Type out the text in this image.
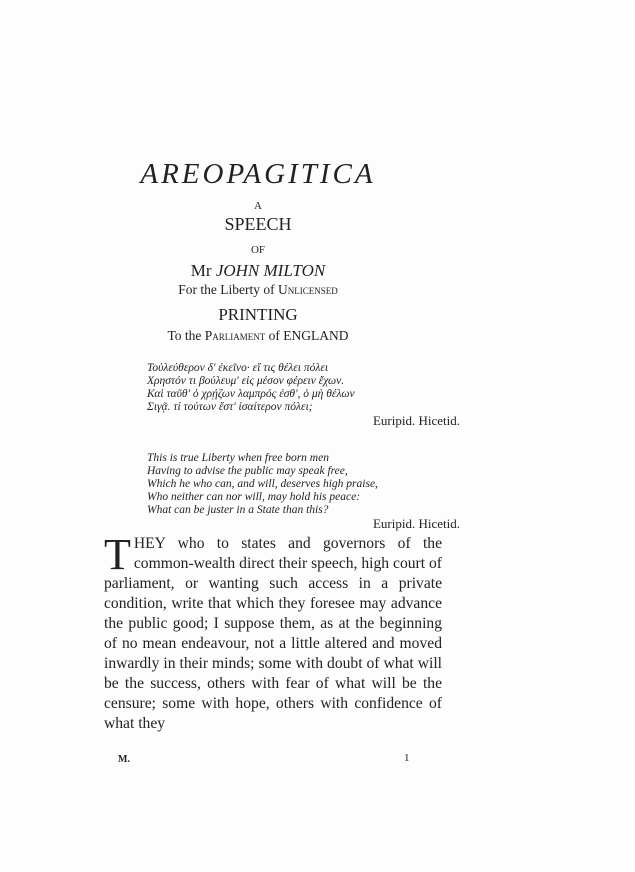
AREOPAGITICA
A
SPEECH
OF
Mr JOHN MILTON
For the Liberty of Unlicensed
PRINTING
To the Parliament of ENGLAND
Τοὐλεύθερον δ' ἐκεῖνο· εἴ τις θέλει πόλει
Χρηστόν τι βούλευμ' εἰς μέσον φέρειν ἔχων.
Καὶ ταῦθ' ὁ χρῄζων λαμπρός ἐσθ', ὁ μὴ θέλων
Σιγᾷ. τί τούτων ἔστ' ἰσαίτερον πόλει;
Euripid. Hicetid.
This is true Liberty when free born men
Having to advise the public may speak free,
Which he who can, and will, deserves high praise,
Who neither can nor will, may hold his peace:
What can be juster in a State than this?
Euripid. Hicetid.

THEY who to states and governors of the common-wealth direct their speech, high court of parliament, or wanting such access in a private condition, write that which they foresee may advance the public good; I suppose them, as at the beginning of no mean endeavour, not a little altered and moved inwardly in their minds; some with doubt of what will be the success, others with fear of what will be the censure; some with hope, others with confidence of what they

M.	1
